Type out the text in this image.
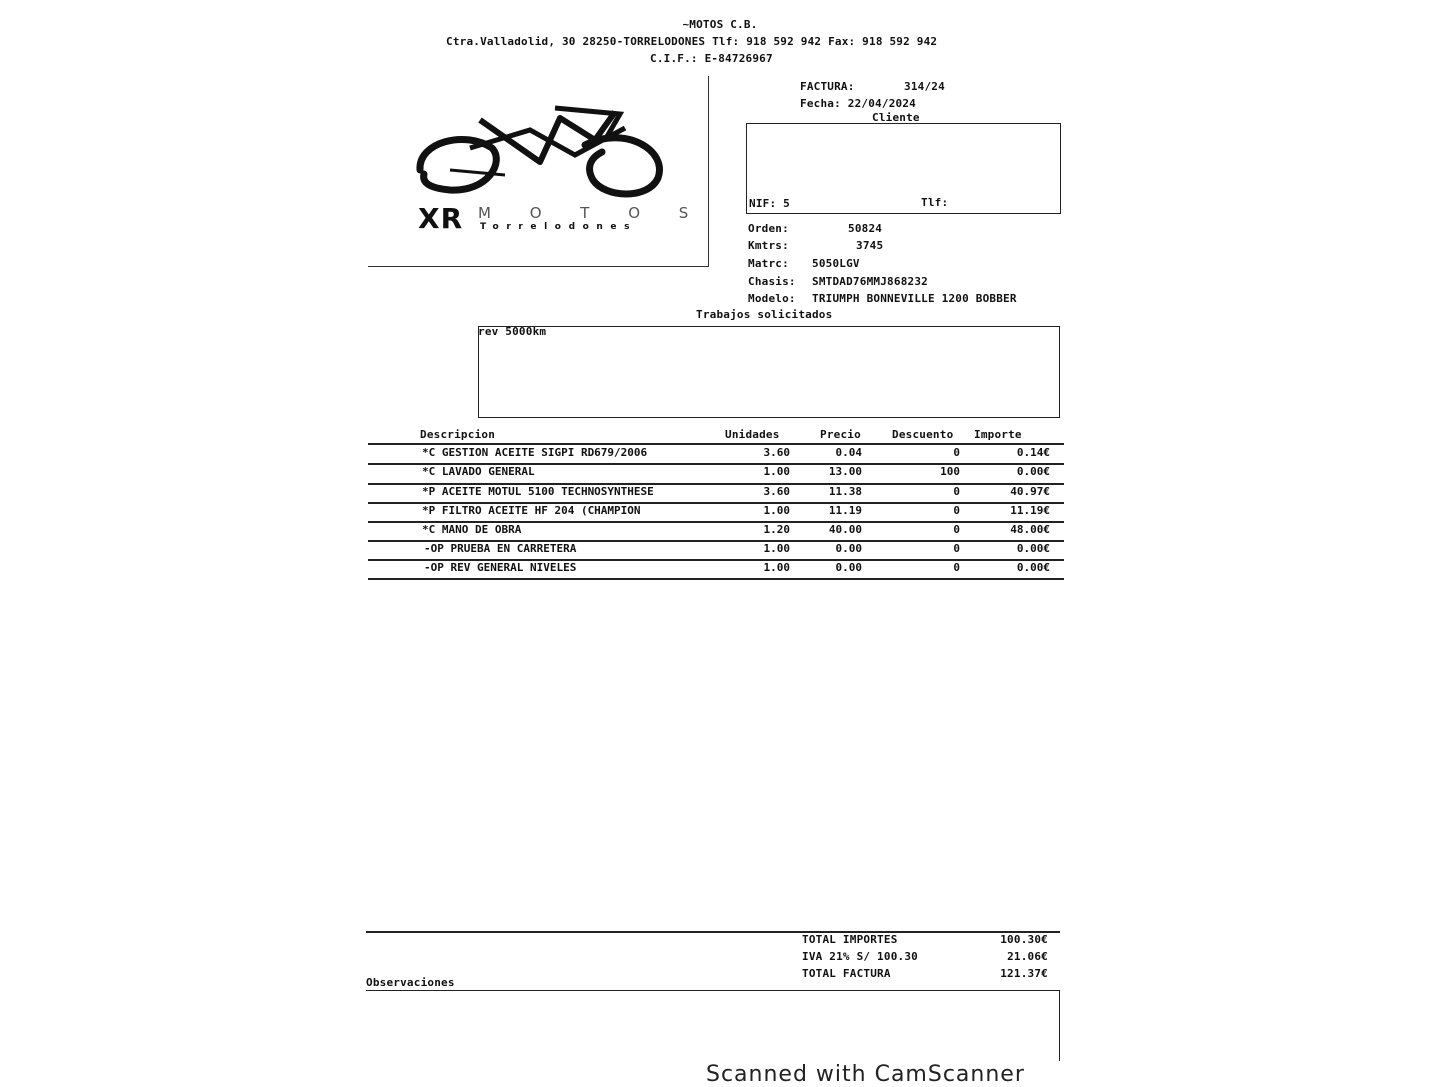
~MOTOS C.B.
Ctra.Valladolid, 30 28250-TORRELODONES Tlf: 918 592 942 Fax: 918 592 942
C.I.F.: E-84726967
XR M O T O S
Torrelodones
FACTURA:	314/24
Fecha: 22/04/2024
Cliente
NIF: 5	Tlf:
Orden:	50824
Kmtrs:	3745
Matrc: 5050LGV
Chasis: SMTDAD76MMJ868232
Modelo: TRIUMPH BONNEVILLE 1200 BOBBER
Trabajos solicitados
rev 5000km
Descripcion	Unidades	Precio	Descuento Importe
*C GESTION ACEITE SIGPI RD679/2006	3.60	0.04	0	0.14€
*C LAVADO GENERAL	1.00	13.00	100	0.00€
*P ACEITE MOTUL 5100 TECHNOSYNTHESE	3.60	11.38	0	40.97€
*P FILTRO ACEITE HF 204 (CHAMPION	1.00	11.19	0	11.19€
*C MANO DE OBRA	1.20	40.00	0	48.00€
-OP PRUEBA EN CARRETERA	1.00	0.00	0	0.00€
-OP REV GENERAL NIVELES	1.00	0.00	0	0.00€
TOTAL IMPORTES	100.30€
IVA 21% S/ 100.30	21.06€
TOTAL FACTURA	121.37€
Observaciones
Scanned with CamScanner
